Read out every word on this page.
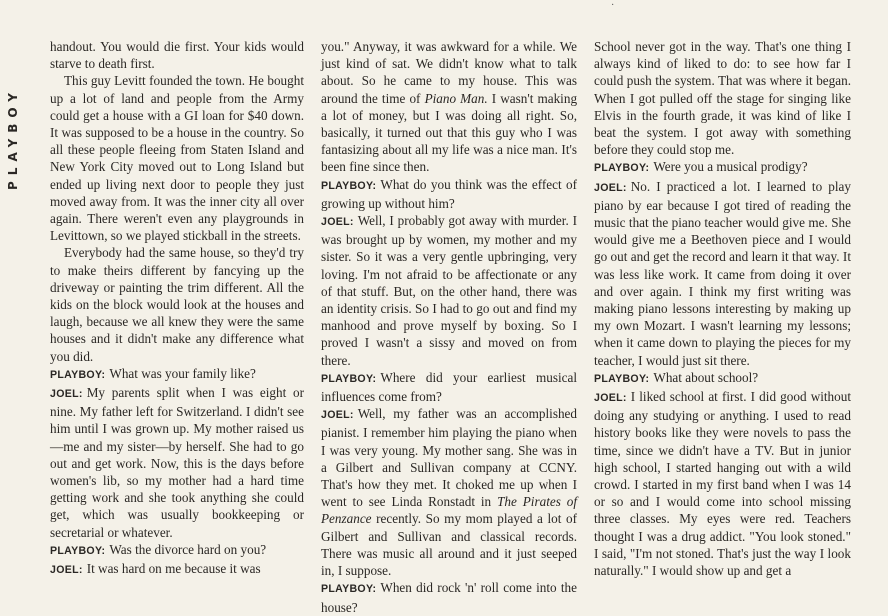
·
PLAYBOY

handout. You would die first. Your kids would starve to death first.

This guy Levitt founded the town. He bought up a lot of land and people from the Army could get a house with a GI loan for $40 down. It was supposed to be a house in the country. So all these people fleeing from Staten Island and New York City moved out to Long Island but ended up living next door to people they just moved away from. It was the inner city all over again. There weren't even any playgrounds in Levittown, so we played stickball in the streets.

Everybody had the same house, so they'd try to make theirs different by fancying up the driveway or painting the trim different. All the kids on the block would look at the houses and laugh, because we all knew they were the same houses and it didn't make any difference what you did.

PLAYBOY: What was your family like?

JOEL: My parents split when I was eight or nine. My father left for Switzerland. I didn't see him until I was grown up. My mother raised us—me and my sister—by herself. She had to go out and get work. Now, this is the days before women's lib, so my mother had a hard time getting work and she took anything she could get, which was usually bookkeeping or secretarial or whatever.

PLAYBOY: Was the divorce hard on you?

JOEL: It was hard on me because it was

you." Anyway, it was awkward for a while. We just kind of sat. We didn't know what to talk about. So he came to my house. This was around the time of Piano Man. I wasn't making a lot of money, but I was doing all right. So, basically, it turned out that this guy who I was fantasizing about all my life was a nice man. It's been fine since then.

PLAYBOY: What do you think was the effect of growing up without him?

JOEL: Well, I probably got away with murder. I was brought up by women, my mother and my sister. So it was a very gentle upbringing, very loving. I'm not afraid to be affectionate or any of that stuff. But, on the other hand, there was an identity crisis. So I had to go out and find my manhood and prove myself by boxing. So I proved I wasn't a sissy and moved on from there.

PLAYBOY: Where did your earliest musical influences come from?

JOEL: Well, my father was an accomplished pianist. I remember him playing the piano when I was very young. My mother sang. She was in a Gilbert and Sullivan company at CCNY. That's how they met. It choked me up when I went to see Linda Ronstadt in The Pirates of Penzance recently. So my mom played a lot of Gilbert and Sullivan and classical records. There was music all around and it just seeped in, I suppose.

PLAYBOY: When did rock 'n' roll come into the house?

School never got in the way. That's one thing I always kind of liked to do: to see how far I could push the system. That was where it began. When I got pulled off the stage for singing like Elvis in the fourth grade, it was kind of like I beat the system. I got away with something before they could stop me.

PLAYBOY: Were you a musical prodigy?

JOEL: No. I practiced a lot. I learned to play piano by ear because I got tired of reading the music that the piano teacher would give me. She would give me a Beethoven piece and I would go out and get the record and learn it that way. It was less like work. It came from doing it over and over again. I think my first writing was making piano lessons interesting by making up my own Mozart. I wasn't learning my lessons; when it came down to playing the pieces for my teacher, I would just sit there.

PLAYBOY: What about school?

JOEL: I liked school at first. I did good without doing any studying or anything. I used to read history books like they were novels to pass the time, since we didn't have a TV. But in junior high school, I started hanging out with a wild crowd. I started in my first band when I was 14 or so and I would come into school missing three classes. My eyes were red. Teachers thought I was a drug addict. "You look stoned." I said, "I'm not stoned. That's just the way I look naturally." I would show up and get a
